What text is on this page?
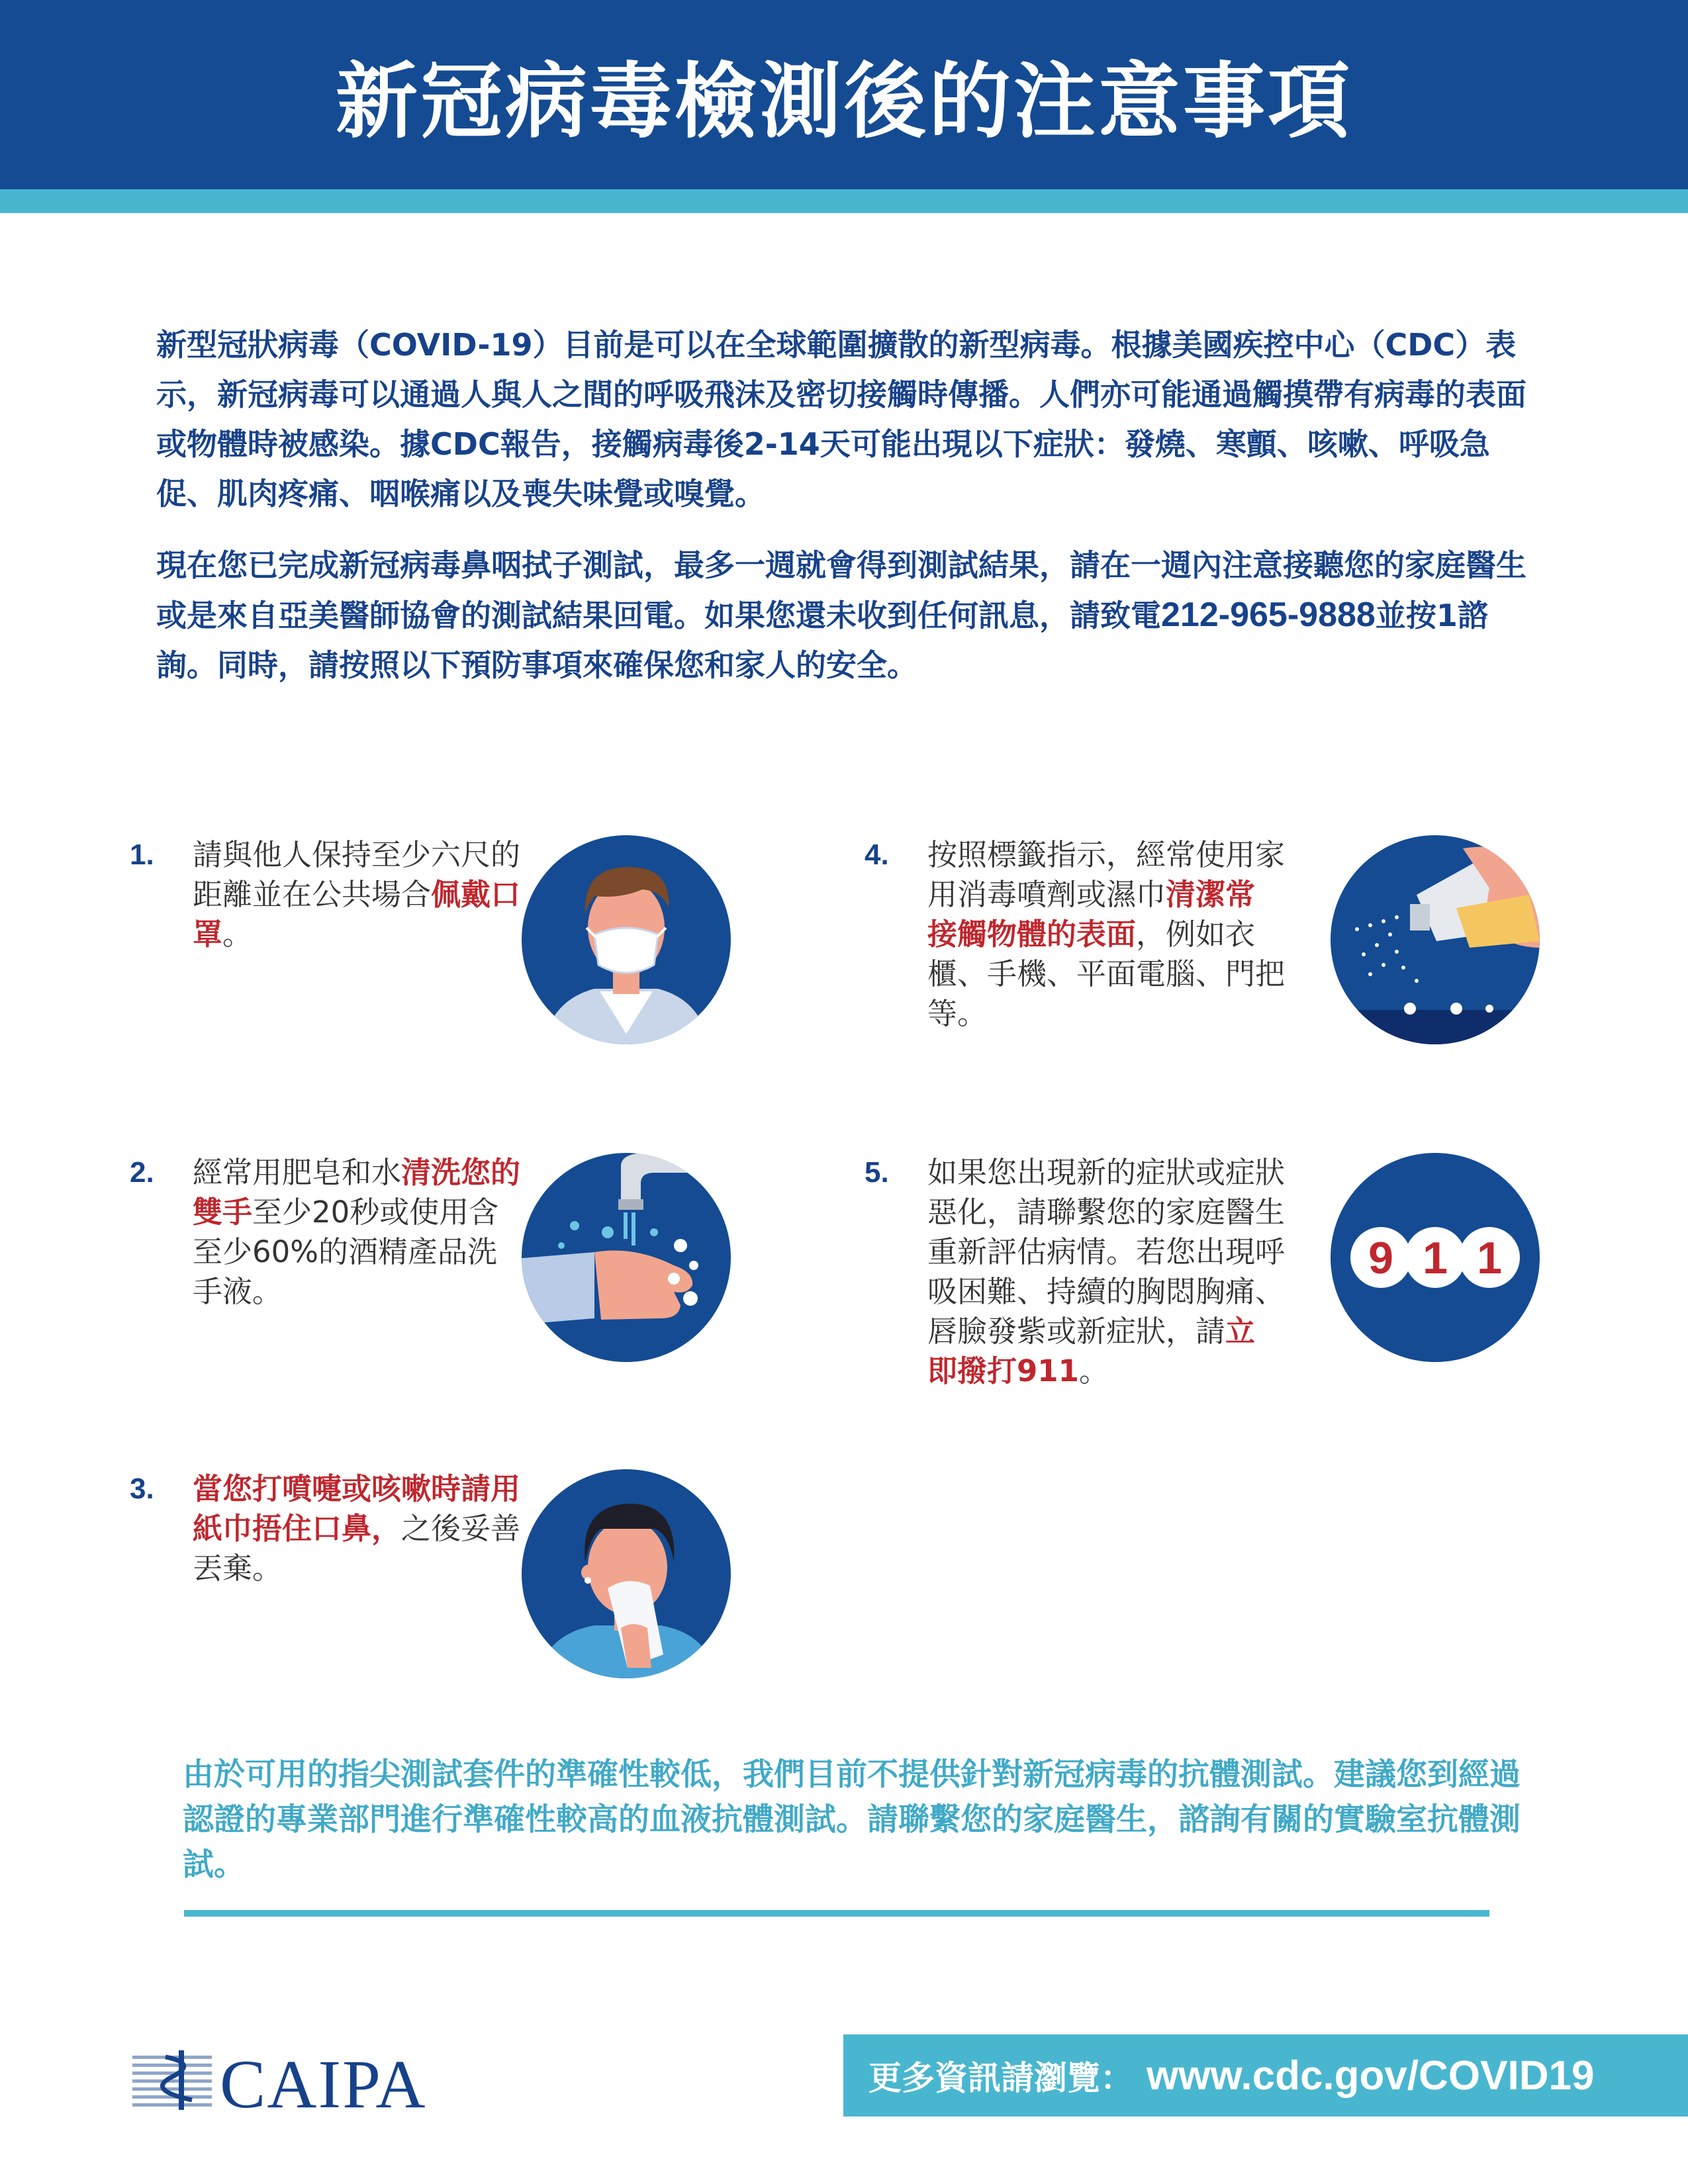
新冠病毒檢測後的注意事項

新型冠狀病毒（COVID-19）目前是可以在全球範圍擴散的新型病毒。根據美國疾控中心（CDC）表示，新冠病毒可以通過人與人之間的呼吸飛沫及密切接觸時傳播。人們亦可能通過觸摸帶有病毒的表面或物體時被感染。據CDC報告，接觸病毒後2-14天可能出現以下症狀：發燒、寒顫、咳嗽、呼吸急促、肌肉疼痛、咽喉痛以及喪失味覺或嗅覺。

現在您已完成新冠病毒鼻咽拭子測試，最多一週就會得到測試結果，請在一週內注意接聽您的家庭醫生或是來自亞美醫師協會的測試結果回電。如果您還未收到任何訊息，請致電212-965-9888並按1諮詢。同時，請按照以下預防事項來確保您和家人的安全。

1. 請與他人保持至少六尺的距離並在公共場合佩戴口罩。
2. 經常用肥皂和水清洗您的雙手至少20秒或使用含至少60%的酒精產品洗手液。
3. 當您打噴嚏或咳嗽時請用紙巾捂住口鼻，之後妥善丟棄。
4. 按照標籤指示，經常使用家用消毒噴劑或濕巾清潔常接觸物體的表面，例如衣櫃、手機、平面電腦、門把等。
5. 如果您出現新的症狀或症狀惡化，請聯繫您的家庭醫生重新評估病情。若您出現呼吸困難、持續的胸悶胸痛、唇臉發紫或新症狀，請立即撥打911。
9 1 1
由於可用的指尖測試套件的準確性較低，我們目前不提供針對新冠病毒的抗體測試。建議您到經過認證的專業部門進行準確性較高的血液抗體測試。請聯繫您的家庭醫生，諮詢有關的實驗室抗體測試。
CAIPA	更多資訊請瀏覽： www.cdc.gov/COVID19
